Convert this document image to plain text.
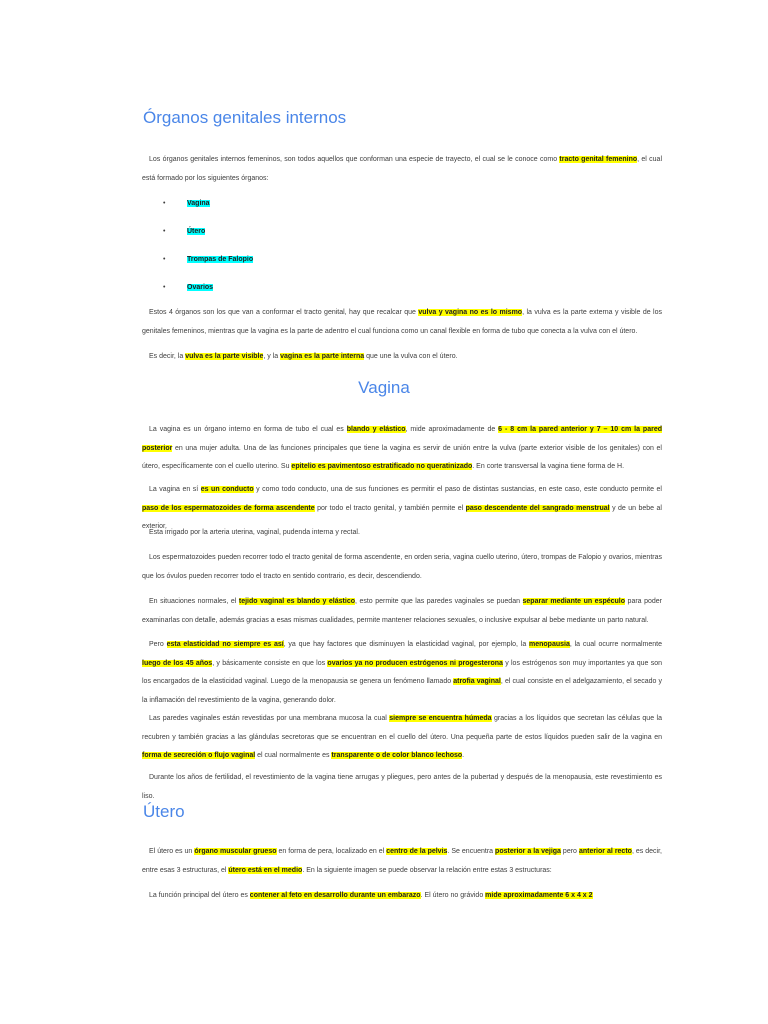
Órganos genitales internos

Los órganos genitales internos femeninos, son todos aquellos que conforman una especie de trayecto, el cual se le conoce como tracto genital femenino, el cual está formado por los siguientes órganos:

•	Vagina
•	Útero
•	Trompas de Falopio
•	Ovarios

Estos 4 órganos son los que van a conformar el tracto genital, hay que recalcar que vulva y vagina no es lo mismo, la vulva es la parte externa y visible de los genitales femeninos, mientras que la vagina es la parte de adentro el cual funciona como un canal flexible en forma de tubo que conecta a la vulva con el útero.

Es decir, la vulva es la parte visible, y la vagina es la parte interna que une la vulva con el útero.

Vagina

La vagina es un órgano interno en forma de tubo el cual es blando y elástico, mide aproximadamente de 6 - 8 cm la pared anterior y 7 – 10 cm la pared posterior en una mujer adulta. Una de las funciones principales que tiene la vagina es servir de unión entre la vulva (parte exterior visible de los genitales) con el útero, específicamente con el cuello uterino. Su epitelio es pavimentoso estratificado no queratinizado. En corte transversal la vagina tiene forma de H.

La vagina en sí es un conducto y como todo conducto, una de sus funciones es permitir el paso de distintas sustancias, en este caso, este conducto permite el paso de los espermatozoides de forma ascendente por todo el tracto genital, y también permite el paso descendente del sangrado menstrual y de un bebe al exterior.

Esta irrigado por la arteria uterina, vaginal, pudenda interna y rectal.

Los espermatozoides pueden recorrer todo el tracto genital de forma ascendente, en orden seria, vagina cuello uterino, útero, trompas de Falopio y ovarios, mientras que los óvulos pueden recorrer todo el tracto en sentido contrario, es decir, descendiendo.

En situaciones normales, el tejido vaginal es blando y elástico, esto permite que las paredes vaginales se puedan separar mediante un espéculo para poder examinarlas con detalle, además gracias a esas mismas cualidades, permite mantener relaciones sexuales, o inclusive expulsar al bebe mediante un parto natural.

Pero esta elasticidad no siempre es así, ya que hay factores que disminuyen la elasticidad vaginal, por ejemplo, la menopausia, la cual ocurre normalmente luego de los 45 años, y básicamente consiste en que los ovarios ya no producen estrógenos ni progesterona y los estrógenos son muy importantes ya que son los encargados de la elasticidad vaginal. Luego de la menopausia se genera un fenómeno llamado atrofia vaginal, el cual consiste en el adelgazamiento, el secado y la inflamación del revestimiento de la vagina, generando dolor.

Las paredes vaginales están revestidas por una membrana mucosa la cual siempre se encuentra húmeda gracias a los líquidos que secretan las células que la recubren y también gracias a las glándulas secretoras que se encuentran en el cuello del útero. Una pequeña parte de estos líquidos pueden salir de la vagina en forma de secreción o flujo vaginal el cual normalmente es transparente o de color blanco lechoso.

Durante los años de fertilidad, el revestimiento de la vagina tiene arrugas y pliegues, pero antes de la pubertad y después de la menopausia, este revestimiento es liso.

Útero

El útero es un órgano muscular grueso en forma de pera, localizado en el centro de la pelvis. Se encuentra posterior a la vejiga pero anterior al recto, es decir, entre esas 3 estructuras, el útero está en el medio. En la siguiente imagen se puede observar la relación entre estas 3 estructuras:

La función principal del útero es contener al feto en desarrollo durante un embarazo. El útero no grávido mide aproximadamente 6 x 4 x 2
